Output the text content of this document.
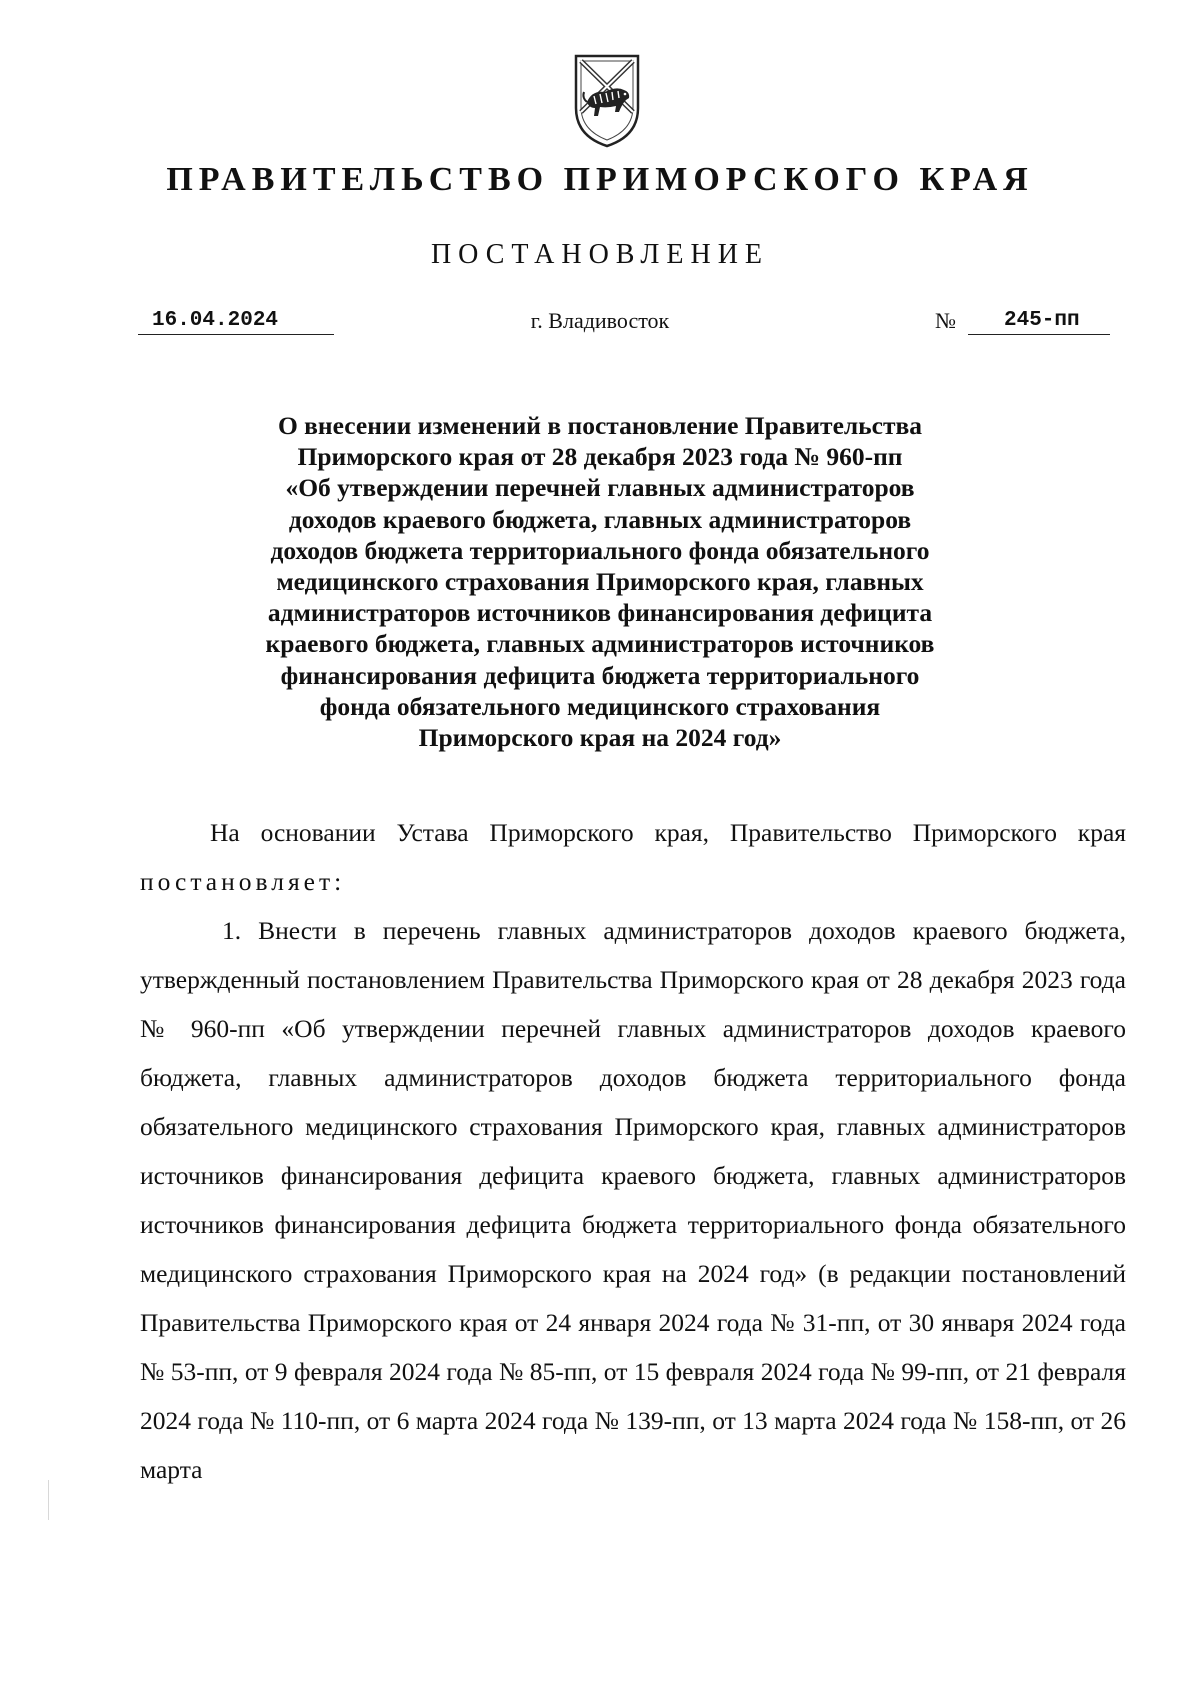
ПРАВИТЕЛЬСТВО ПРИМОРСКОГО КРАЯ
ПОСТАНОВЛЕНИЕ
16.04.2024	г. Владивосток	№	245-пп
О внесении изменений в постановление Правительства
Приморского края от 28 декабря 2023 года № 960-пп
«Об утверждении перечней главных администраторов
доходов краевого бюджета, главных администраторов
доходов бюджета территориального фонда обязательного
медицинского страхования Приморского края, главных
администраторов источников финансирования дефицита
краевого бюджета, главных администраторов источников
финансирования дефицита бюджета территориального
фонда обязательного медицинского страхования
Приморского края на 2024 год»

На основании Устава Приморского края, Правительство Приморского края постановляет:

1. Внести в перечень главных администраторов доходов краевого бюджета, утвержденный постановлением Правительства Приморского края от 28 декабря 2023 года № 960-пп «Об утверждении перечней главных администраторов доходов краевого бюджета, главных администраторов доходов бюджета территориального фонда обязательного медицинского страхования Приморского края, главных администраторов источников финансирования дефицита краевого бюджета, главных администраторов источников финансирования дефицита бюджета территориального фонда обязательного медицинского страхования Приморского края на 2024 год» (в редакции постановлений Правительства Приморского края от 24 января 2024 года № 31-пп, от 30 января 2024 года № 53-пп, от 9 февраля 2024 года № 85-пп, от 15 февраля 2024 года № 99-пп, от 21 февраля 2024 года № 110-пп, от 6 марта 2024 года № 139-пп, от 13 марта 2024 года № 158-пп, от 26 марта
